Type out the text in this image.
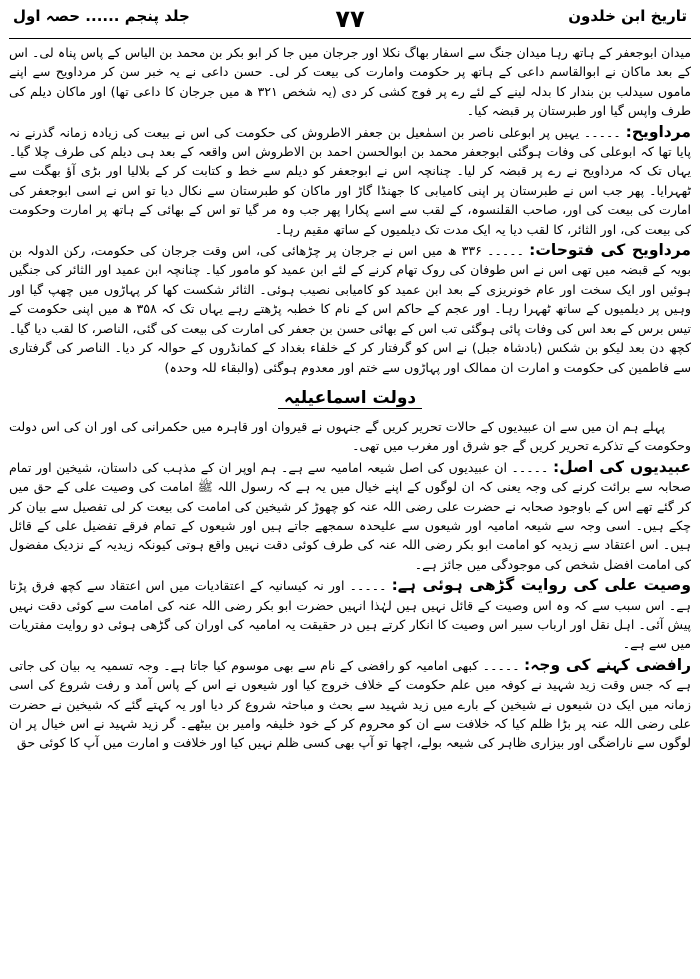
تاریخ ابن خلدون
۷۷
جلد پنجم ...... حصہ اول

میدان ابوجعفر کے ہاتھ رہا میدان جنگ سے اسفار بھاگ نکلا اور جرجان میں جا کر ابو بکر بن محمد بن الیاس کے پاس پناہ لی۔ اس کے بعد ماکان نے ابوالقاسم داعی کے ہاتھ پر حکومت وامارت کی بیعت کر لی۔ حسن داعی نے یہ خبر سن کر مرداویح سے اپنے ماموں سیدلب بن بندار کا بدلہ لینے کے لئے رے پر فوج کشی کر دی (یہ شخص ۳۲۱ ھ میں جرجان کا داعی تھا) اور ماکان دیلم کی طرف واپس گیا اور طبرستان پر قبضہ کیا۔

مرداویح: ۔۔۔۔۔ یہیں پر ابوعلی ناصر بن اسمٰعیل بن جعفر الاطروش کی حکومت کی اس نے بیعت کی زیادہ زمانہ گذرنے نہ پایا تھا کہ ابوعلی کی وفات ہوگئی ابوجعفر محمد بن ابوالحسن احمد بن الاطروش اس واقعہ کے بعد ہی دیلم کی طرف چلا گیا۔ یہاں تک کہ مرداویح نے رے پر قبضہ کر لیا۔ چنانچہ اس نے ابوجعفر کو دیلم سے خط و کتابت کر کے بلالیا اور بڑی آؤ بھگت سے ٹھہرایا۔ پھر جب اس نے طبرستان پر اپنی کامیابی کا جھنڈا گاڑ اور ماکان کو طبرستان سے نکال دیا تو اس نے اسی ابوجعفر کی امارت کی بیعت کی اور، صاحب القلنسوہ، کے لقب سے اسے پکارا پھر جب وہ مر گیا تو اس کے بھائی کے ہاتھ پر امارت وحکومت کی بیعت کی، اور الثائر، کا لقب دیا یہ ایک مدت تک دیلمیوں کے ساتھ مقیم رہا۔

مرداویح کی فتوحات: ۔۔۔۔۔ ۳۳۶ ھ میں اس نے جرجان پر چڑھائی کی، اس وقت جرجان کی حکومت، رکن الدولہ بن بویہ کے قبضہ میں تھی اس نے اس طوفان کی روک تھام کرنے کے لئے ابن عمید کو مامور کیا۔ چنانچہ ابن عمید اور الثائر کی جنگیں ہوئیں اور ایک سخت اور عام خونریزی کے بعد ابن عمید کو کامیابی نصیب ہوئی۔ الثائر شکست کھا کر پہاڑوں میں چھپ گیا اور وہیں پر دیلمیوں کے ساتھ ٹھہرا رہا۔ اور عجم کے حاکم اس کے نام کا خطبہ پڑھتے رہے یہاں تک کہ ۳۵۸ ھ میں اپنی حکومت کے تیس برس کے بعد اس کی وفات پائی ہوگئی تب اس کے بھائی حسن بن جعفر کی امارت کی بیعت کی گئی، الناصر، کا لقب دیا گیا۔ کچھ دن بعد لیکو بن شکس (بادشاہ جبل) نے اس کو گرفتار کر کے خلفاء بغداد کے کمانڈروں کے حوالہ کر دیا۔ الناصر کی گرفتاری سے فاطمین کی حکومت و امارت ان ممالک اور پہاڑوں سے ختم اور معدوم ہوگئی (والبقاء للہ وحدہ)

دولت اسماعیلیہ

پہلے ہم ان میں سے ان عبیدیوں کے حالات تحریر کریں گے جنہوں نے قیروان اور قاہرہ میں حکمرانی کی اور ان کی اس دولت وحکومت کے تذکرے تحریر کریں گے جو شرق اور مغرب میں تھی۔

عبیدیوں کی اصل: ۔۔۔۔۔ ان عبیدیوں کی اصل شیعہ امامیہ سے ہے۔ ہم اوپر ان کے مذہب کی داستان، شیخین اور تمام صحابہ سے برائت کرنے کی وجہ یعنی کہ ان لوگوں کے اپنے خیال میں یہ ہے کہ رسول اللہ ﷺ امامت کی وصیت علی کے حق میں کر گئے تھے اس کے باوجود صحابہ نے حضرت علی رضی اللہ عنہ کو چھوڑ کر شیخین کی امامت کی بیعت کر لی تفصیل سے بیان کر چکے ہیں۔ اسی وجہ سے شیعہ امامیہ اور شیعوں سے علیحدہ سمجھے جاتے ہیں اور شیعوں کے تمام فرقے تفضیل علی کے قائل ہیں۔ اس اعتقاد سے زیدیہ کو امامت ابو بکر رضی اللہ عنہ کی طرف کوئی دقت نہیں واقع ہوتی کیونکہ زیدیہ کے نزدیک مفضول کی امامت افضل شخص کی موجودگی میں جائز ہے۔

وصیت علی کی روایت گڑھی ہوئی ہے: ۔۔۔۔۔ اور نہ کیسانیہ کے اعتقادیات میں اس اعتقاد سے کچھ فرق پڑتا ہے۔ اس سبب سے کہ وہ اس وصیت کے قائل نہیں ہیں لہٰذا انہیں حضرت ابو بکر رضی اللہ عنہ کی امامت سے کوئی دقت نہیں پیش آئی۔ اہل نقل اور ارباب سیر اس وصیت کا انکار کرتے ہیں در حقیقت یہ امامیہ کی اوران کی گڑھی ہوئی دو روایت مفتریات میں سے ہے۔

رافضی کہنے کی وجہ: ۔۔۔۔۔ کبھی امامیہ کو رافضی کے نام سے بھی موسوم کیا جاتا ہے۔ وجہ تسمیہ یہ بیان کی جاتی ہے کہ جس وقت زید شہید نے کوفہ میں علم حکومت کے خلاف خروج کیا اور شیعوں نے اس کے پاس آمد و رفت شروع کی اسی زمانہ میں ایک دن شیعوں نے شیخین کے بارے میں زید شہید سے بحث و مباحثہ شروع کر دیا اور یہ کہتے گئے کہ شیخین نے حضرت علی رضی اللہ عنہ پر بڑا ظلم کیا کہ خلافت سے ان کو محروم کر کے خود خلیفہ وامیر بن بیٹھے۔ گر زید شہید نے اس خیال پر ان لوگوں سے ناراضگی اور بیزاری ظاہر کی شیعہ بولے، اچھا تو آپ بھی کسی ظلم نہیں کیا اور خلافت و امارت میں آپ کا کوئی حق
